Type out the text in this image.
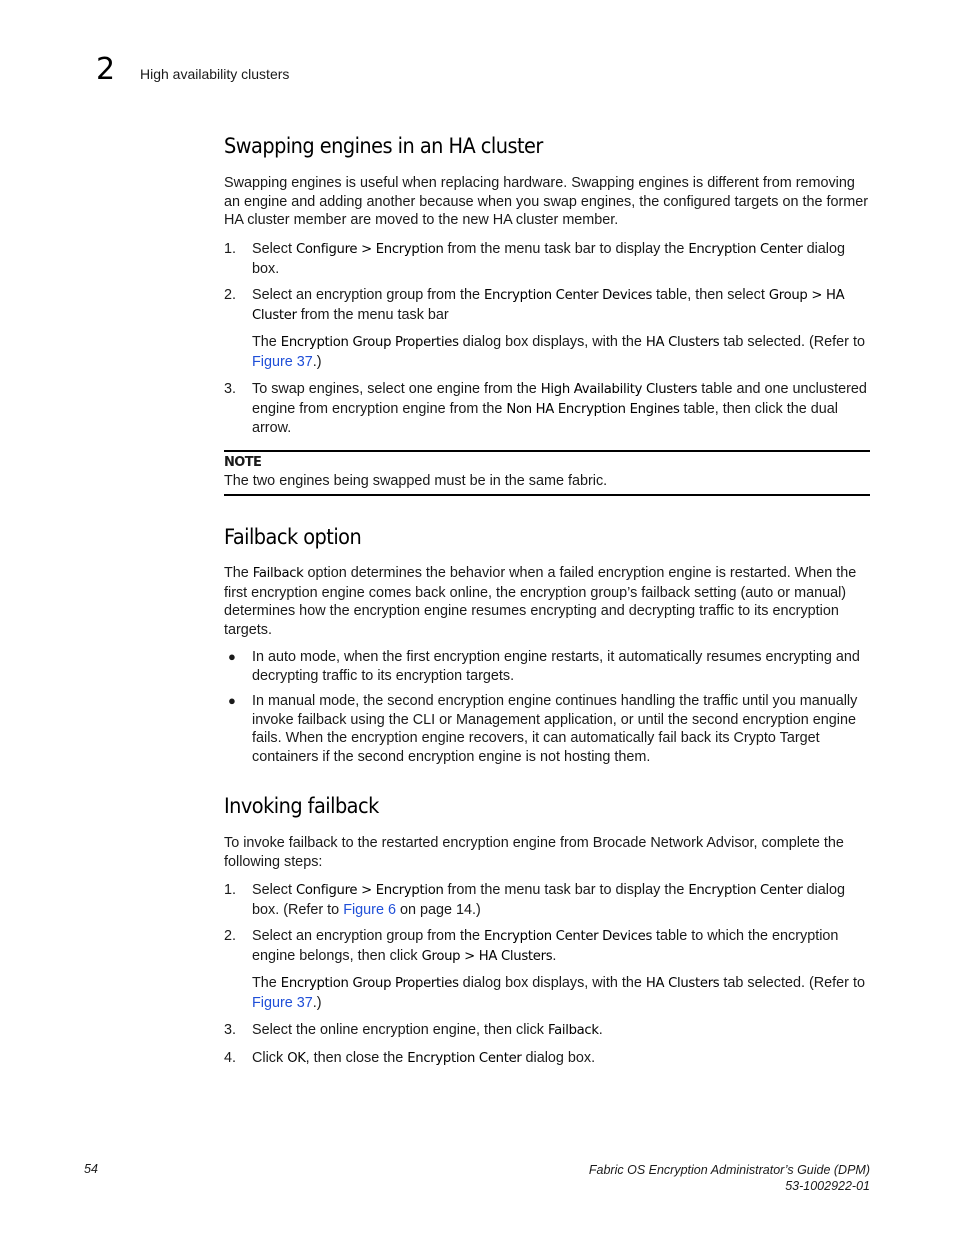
2 High availability clusters
Swapping engines in an HA cluster
Swapping engines is useful when replacing hardware. Swapping engines is different from removing an engine and adding another because when you swap engines, the configured targets on the former HA cluster member are moved to the new HA cluster member.
1.	Select Configure > Encryption from the menu task bar to display the Encryption Center dialog box.
2.	Select an encryption group from the Encryption Center Devices table, then select Group > HA Cluster from the menu task bar
The Encryption Group Properties dialog box displays, with the HA Clusters tab selected. (Refer to Figure 37.)
3.	To swap engines, select one engine from the High Availability Clusters table and one unclustered engine from encryption engine from the Non HA Encryption Engines table, then click the dual arrow.
NOTE
The two engines being swapped must be in the same fabric.
Failback option
The Failback option determines the behavior when a failed encryption engine is restarted. When the first encryption engine comes back online, the encryption group’s failback setting (auto or manual) determines how the encryption engine resumes encrypting and decrypting traffic to its encryption targets.
● In auto mode, when the first encryption engine restarts, it automatically resumes encrypting and decrypting traffic to its encryption targets.
● In manual mode, the second encryption engine continues handling the traffic until you manually invoke failback using the CLI or Management application, or until the second encryption engine fails. When the encryption engine recovers, it can automatically fail back its Crypto Target containers if the second encryption engine is not hosting them.
Invoking failback
To invoke failback to the restarted encryption engine from Brocade Network Advisor, complete the following steps:
1.	Select Configure > Encryption from the menu task bar to display the Encryption Center dialog box. (Refer to Figure 6 on page 14.)
2.	Select an encryption group from the Encryption Center Devices table to which the encryption engine belongs, then click Group > HA Clusters.
The Encryption Group Properties dialog box displays, with the HA Clusters tab selected. (Refer to Figure 37.)
3.	Select the online encryption engine, then click Failback.
4.	Click OK, then close the Encryption Center dialog box.
54	Fabric OS Encryption Administrator’s Guide (DPM)
53-1002922-01
